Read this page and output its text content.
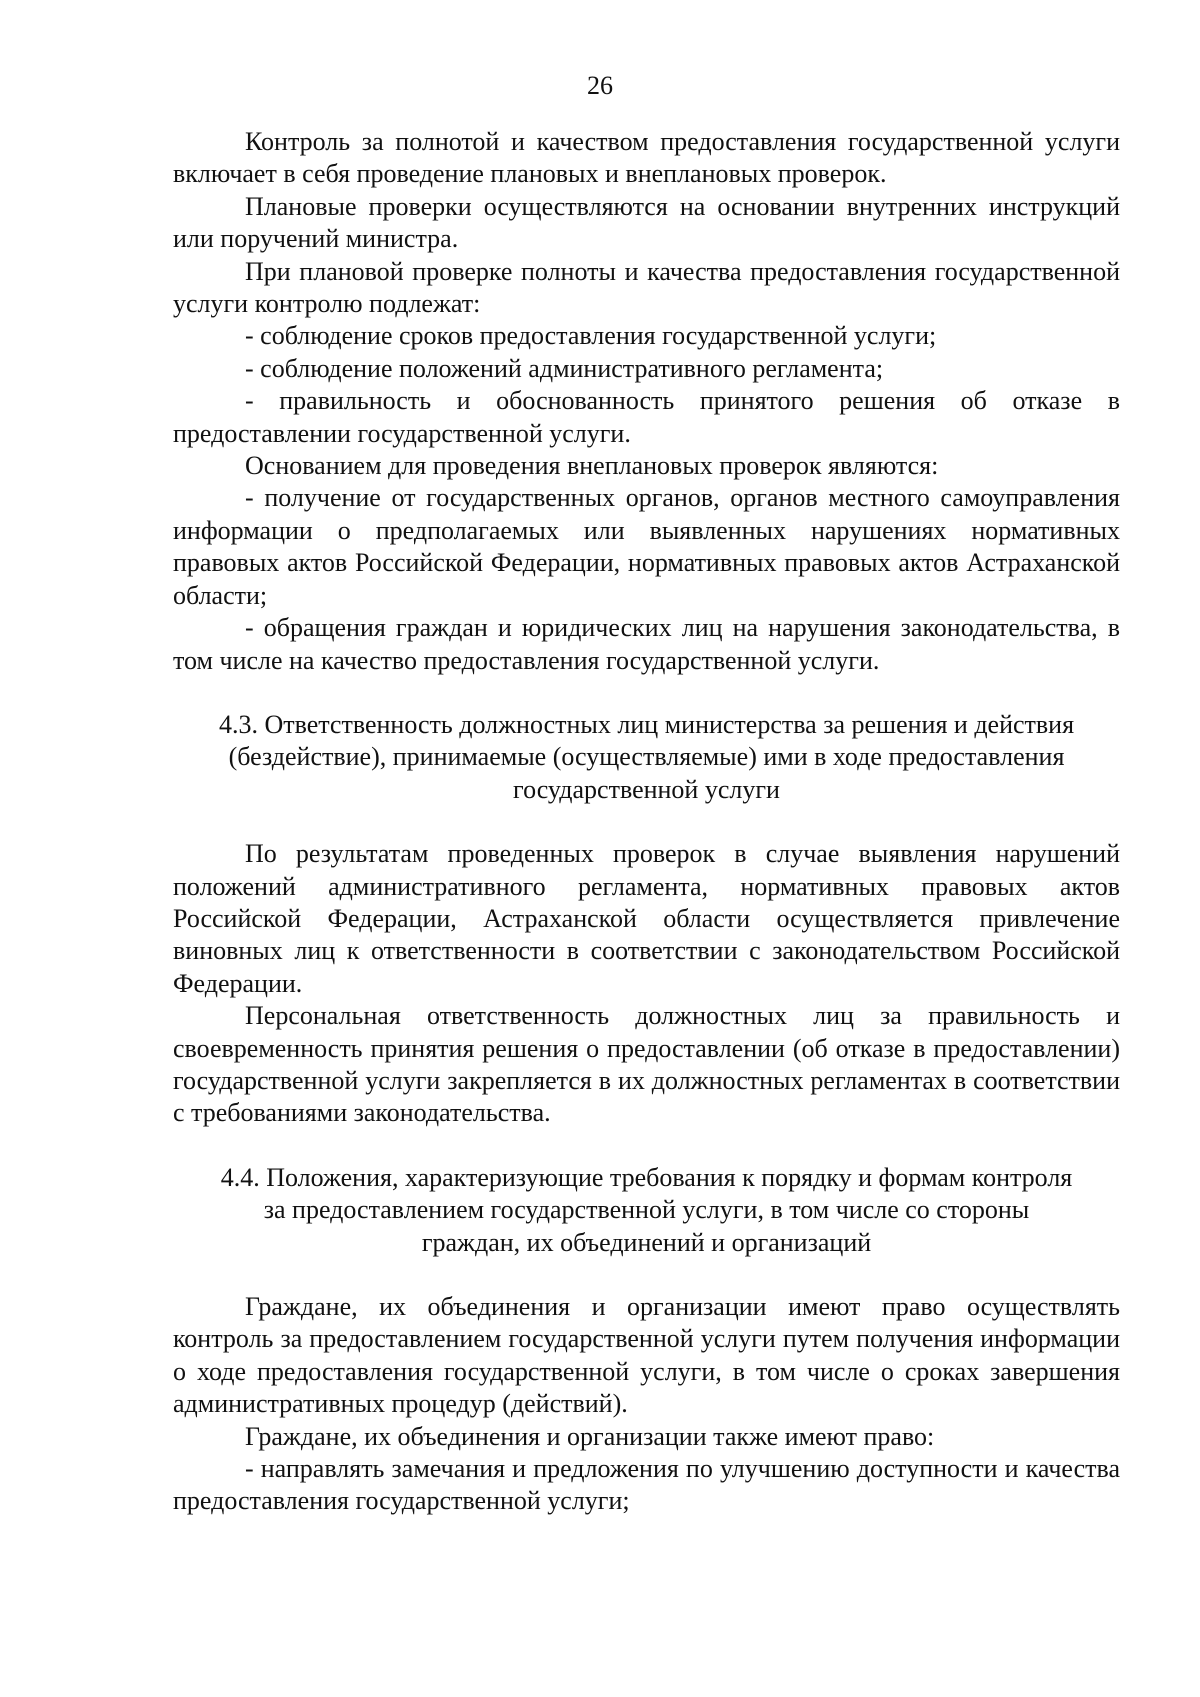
26

Контроль за полнотой и качеством предоставления государственной услуги включает в себя проведение плановых и внеплановых проверок.

Плановые проверки осуществляются на основании внутренних инструкций или поручений министра.

При плановой проверке полноты и качества предоставления государственной услуги контролю подлежат:

- соблюдение сроков предоставления государственной услуги;

- соблюдение положений административного регламента;

- правильность и обоснованность принятого решения об отказе в предоставлении государственной услуги.

Основанием для проведения внеплановых проверок являются:

- получение от государственных органов, органов местного самоуправления информации о предполагаемых или выявленных нарушениях нормативных правовых актов Российской Федерации, нормативных правовых актов Астраханской области;

- обращения граждан и юридических лиц на нарушения законодательства, в том числе на качество предоставления государственной услуги.

4.3. Ответственность должностных лиц министерства за решения и действия
(бездействие), принимаемые (осуществляемые) ими в ходе предоставления
государственной услуги

По результатам проведенных проверок в случае выявления нарушений положений административного регламента, нормативных правовых актов Российской Федерации, Астраханской области осуществляется привлечение виновных лиц к ответственности в соответствии с законодательством Российской Федерации.

Персональная ответственность должностных лиц за правильность и своевременность принятия решения о предоставлении (об отказе в предоставлении) государственной услуги закрепляется в их должностных регламентах в соответствии с требованиями законодательства.

4.4. Положения, характеризующие требования к порядку и формам контроля
за предоставлением государственной услуги, в том числе со стороны
граждан, их объединений и организаций

Граждане, их объединения и организации имеют право осуществлять контроль за предоставлением государственной услуги путем получения информации о ходе предоставления государственной услуги, в том числе о сроках завершения административных процедур (действий).

Граждане, их объединения и организации также имеют право:

- направлять замечания и предложения по улучшению доступности и качества предоставления государственной услуги;
